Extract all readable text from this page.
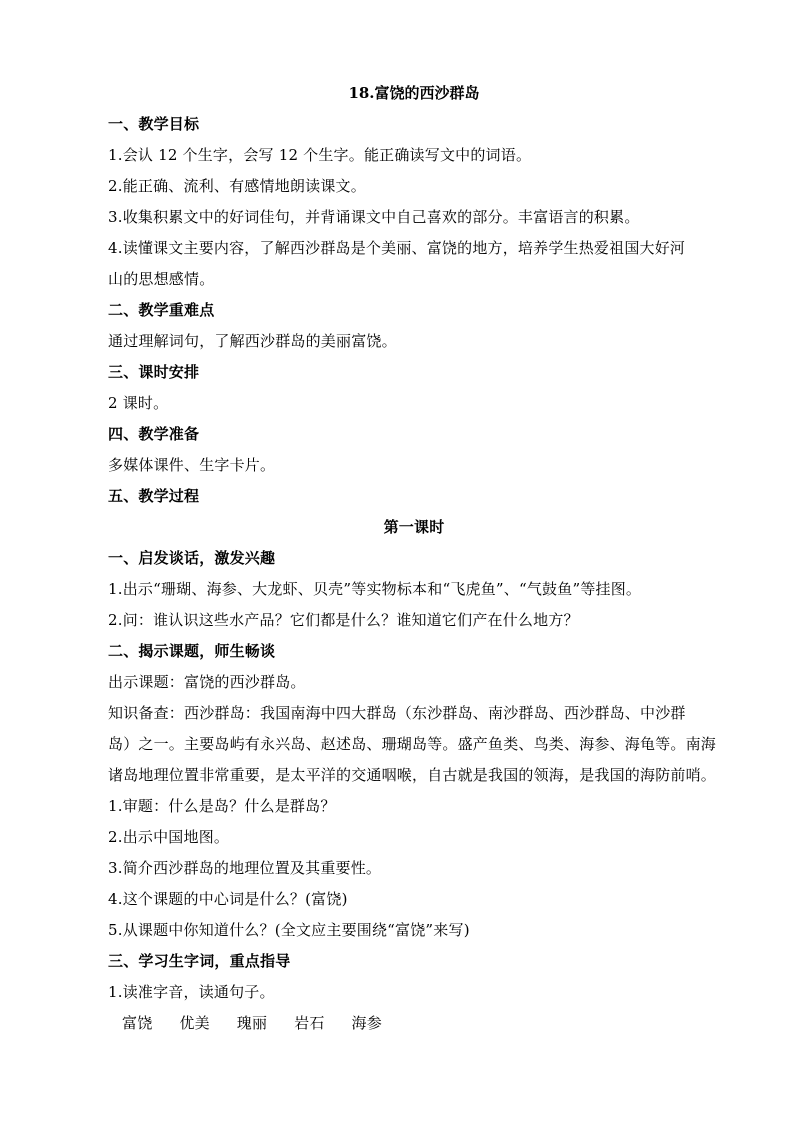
18.富饶的西沙群岛
一、教学目标
1.会认 12 个生字，会写 12 个生字。能正确读写文中的词语。
2.能正确、流利、有感情地朗读课文。
3.收集积累文中的好词佳句，并背诵课文中自己喜欢的部分。丰富语言的积累。
4.读懂课文主要内容，了解西沙群岛是个美丽、富饶的地方，培养学生热爱祖国大好河
山的思想感情。
二、教学重难点
通过理解词句，了解西沙群岛的美丽富饶。
三、课时安排
2 课时。
四、教学准备
多媒体课件、生字卡片。
五、教学过程
第一课时
一、启发谈话，激发兴趣
1.出示“珊瑚、海参、大龙虾、贝壳”等实物标本和“飞虎鱼”、“气鼓鱼”等挂图。
2.问：谁认识这些水产品？它们都是什么？谁知道它们产在什么地方？
二、揭示课题，师生畅谈
出示课题：富饶的西沙群岛。
知识备查：西沙群岛：我国南海中四大群岛（东沙群岛、南沙群岛、西沙群岛、中沙群
岛）之一。主要岛屿有永兴岛、赵述岛、珊瑚岛等。盛产鱼类、鸟类、海参、海龟等。南海
诸岛地理位置非常重要，是太平洋的交通咽喉，自古就是我国的领海，是我国的海防前哨。
1.审题：什么是岛？什么是群岛？
2.出示中国地图。
3.简介西沙群岛的地理位置及其重要性。
4.这个课题的中心词是什么？(富饶)
5.从课题中你知道什么？(全文应主要围绕“富饶”来写)
三、学习生字词，重点指导
1.读准字音，读通句子。
富饶 优美 瑰丽 岩石 海参
